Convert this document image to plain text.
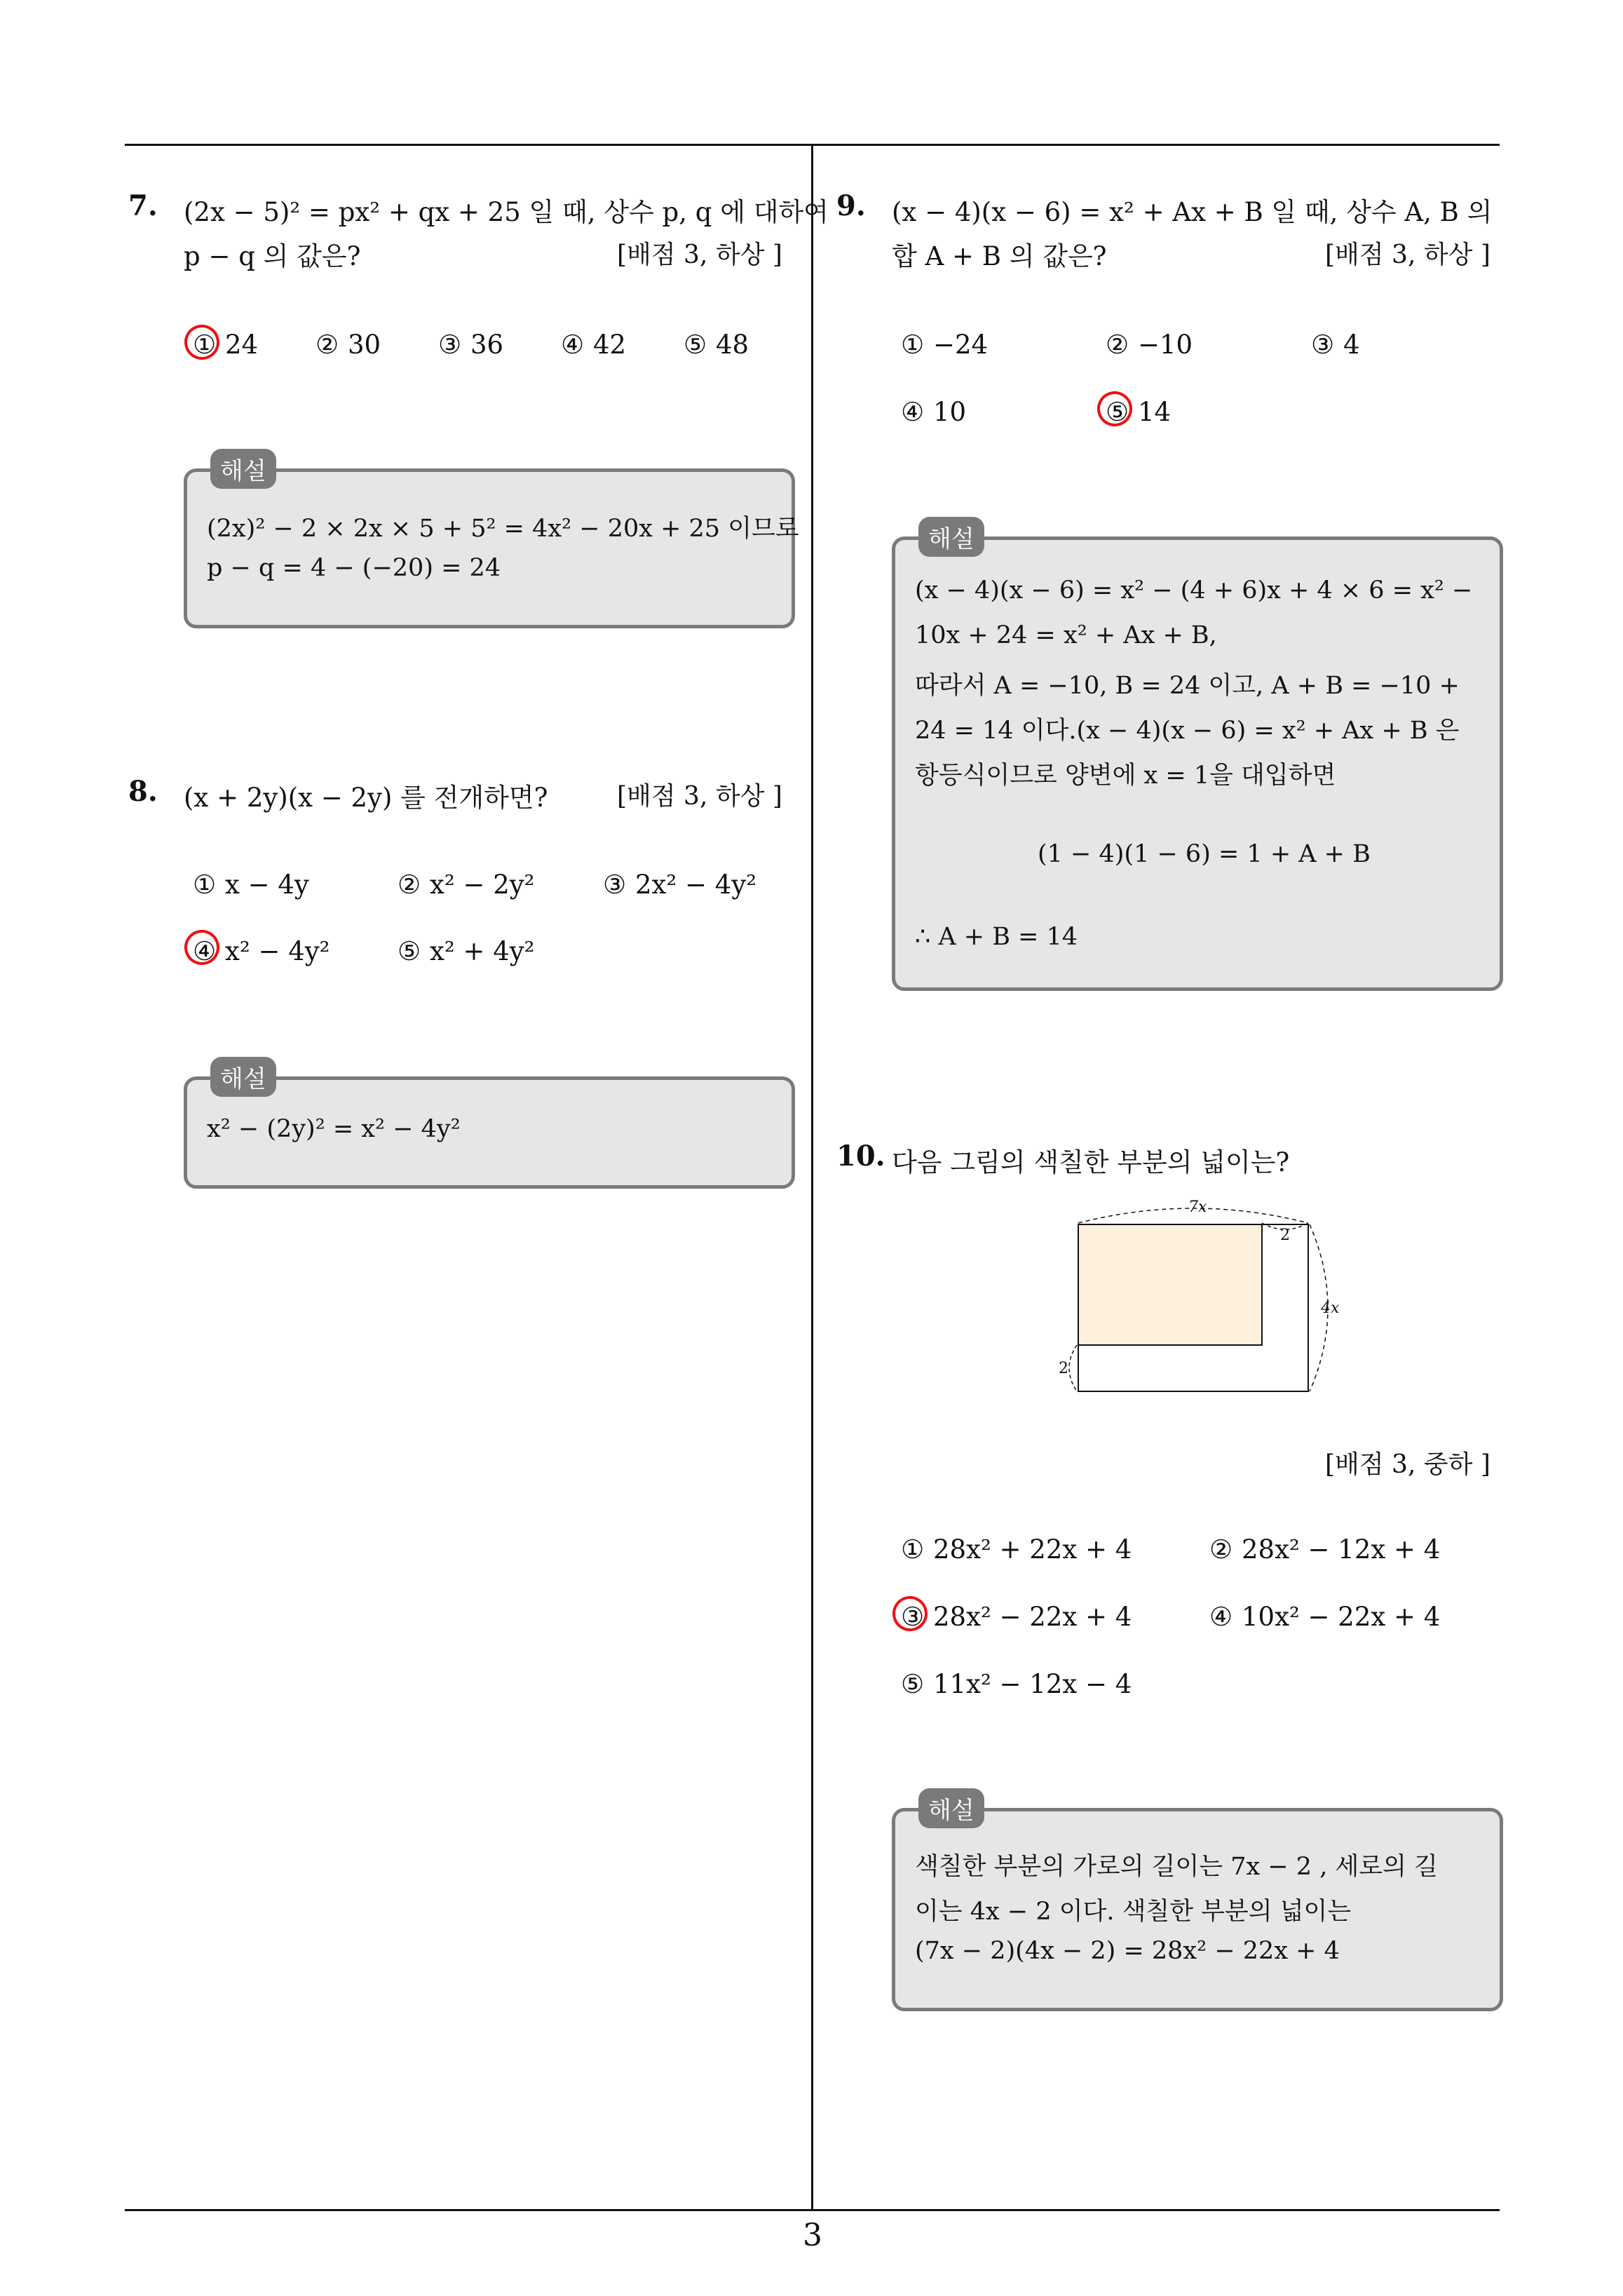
7. (2x − 5)² = px² + qx + 25 일 때, 상수 p, q 에 대하여
p − q 의 값은?	[배점 3, 하상 ]
① 24 ② 30 ③ 36 ④ 42 ⑤ 48
해설
(2x)² − 2 × 2x × 5 + 5² = 4x² − 20x + 25 이므로
p − q = 4 − (−20) = 24
8. (x + 2y)(x − 2y) 를 전개하면?	[배점 3, 하상 ]
① x − 4y	② x² − 2y²	③ 2x² − 4y²
④ x² − 4y²	⑤ x² + 4y²
해설
x² − (2y)² = x² − 4y²
9. (x − 4)(x − 6) = x² + Ax + B 일 때, 상수 A, B 의
합 A + B 의 값은?	[배점 3, 하상 ]
① −24	② −10	③ 4
④ 10	⑤ 14
해설
(x − 4)(x − 6) = x² − (4 + 6)x + 4 × 6 = x² −
10x + 24 = x² + Ax + B,
따라서 A = −10, B = 24 이고, A + B = −10 +
24 = 14 이다.(x − 4)(x − 6) = x² + Ax + B 은
항등식이므로 양변에 x = 1을 대입하면
(1 − 4)(1 − 6) = 1 + A + B
∴ A + B = 14
10. 다음 그림의 색칠한 부분의 넓이는?
7x
2
4x
2
[배점 3, 중하 ]
① 28x² + 22x + 4	② 28x² − 12x + 4
③ 28x² − 22x + 4	④ 10x² − 22x + 4
⑤ 11x² − 12x − 4
해설
색칠한 부분의 가로의 길이는 7x − 2 , 세로의 길
이는 4x − 2 이다. 색칠한 부분의 넓이는
(7x − 2)(4x − 2) = 28x² − 22x + 4
3
